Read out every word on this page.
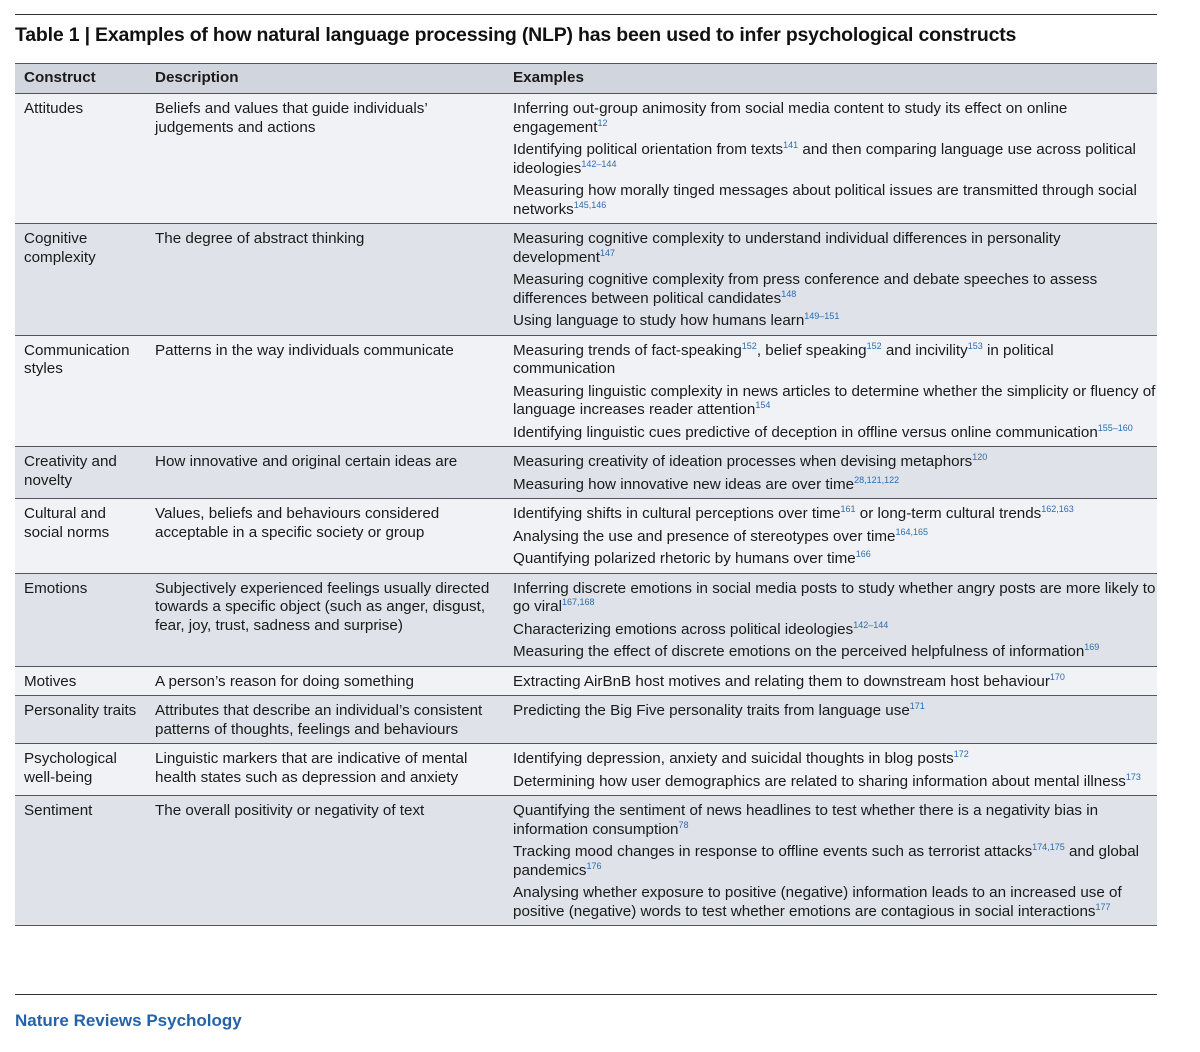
Table 1 | Examples of how natural language processing (NLP) has been used to infer psychological constructs
Construct	Description	Examples
Attitudes	Beliefs and values that guide individuals’ judgements and actions	Inferring out-group animosity from social media content to study its effect on online engagement$^{12}$
Identifying political orientation from texts$^{141}$ and then comparing language use across political ideologies$^{142-144}$
Measuring how morally tinged messages about political issues are transmitted through social networks$^{145,146}$

Cognitive complexity	The degree of abstract thinking	Measuring cognitive complexity to understand individual differences in personality development$^{147}$
Measuring cognitive complexity from press conference and debate speeches to assess differences between political candidates$^{148}$
Using language to study how humans learn$^{149-151}$

Communication styles	Patterns in the way individuals communicate	Measuring trends of fact-speaking$^{152}$, belief speaking$^{152}$ and incivility$^{153}$ in political communication
Measuring linguistic complexity in news articles to determine whether the simplicity or fluency of language increases reader attention$^{154}$
Identifying linguistic cues predictive of deception in offline versus online communication$^{155-160}$

Creativity and novelty	How innovative and original certain ideas are	Measuring creativity of ideation processes when devising metaphors$^{120}$
Measuring how innovative new ideas are over time$^{28,121,122}$

Cultural and social norms	Values, beliefs and behaviours considered acceptable in a specific society or group	Identifying shifts in cultural perceptions over time$^{161}$ or long-term cultural trends$^{162,163}$
Analysing the use and presence of stereotypes over time$^{164,165}$
Quantifying polarized rhetoric by humans over time$^{166}$

Emotions	Subjectively experienced feelings usually directed towards a specific object (such as anger, disgust, fear, joy, trust, sadness and surprise)	Inferring discrete emotions in social media posts to study whether angry posts are more likely to go viral$^{167,168}$
Characterizing emotions across political ideologies$^{142-144}$
Measuring the effect of discrete emotions on the perceived helpfulness of information$^{169}$

Motives	A person’s reason for doing something	Extracting AirBnB host motives and relating them to downstream host behaviour$^{170}$

Personality traits	Attributes that describe an individual’s consistent patterns of thoughts, feelings and behaviours	Predicting the Big Five personality traits from language use$^{171}$

Psychological well-being	Linguistic markers that are indicative of mental health states such as depression and anxiety	Identifying depression, anxiety and suicidal thoughts in blog posts$^{172}$
Determining how user demographics are related to sharing information about mental illness$^{173}$

Sentiment	The overall positivity or negativity of text	Quantifying the sentiment of news headlines to test whether there is a negativity bias in information consumption$^{78}$
Tracking mood changes in response to offline events such as terrorist attacks$^{174,175}$ and global pandemics$^{176}$
Analysing whether exposure to positive (negative) information leads to an increased use of positive (negative) words to test whether emotions are contagious in social interactions$^{177}$
Nature Reviews Psychology
